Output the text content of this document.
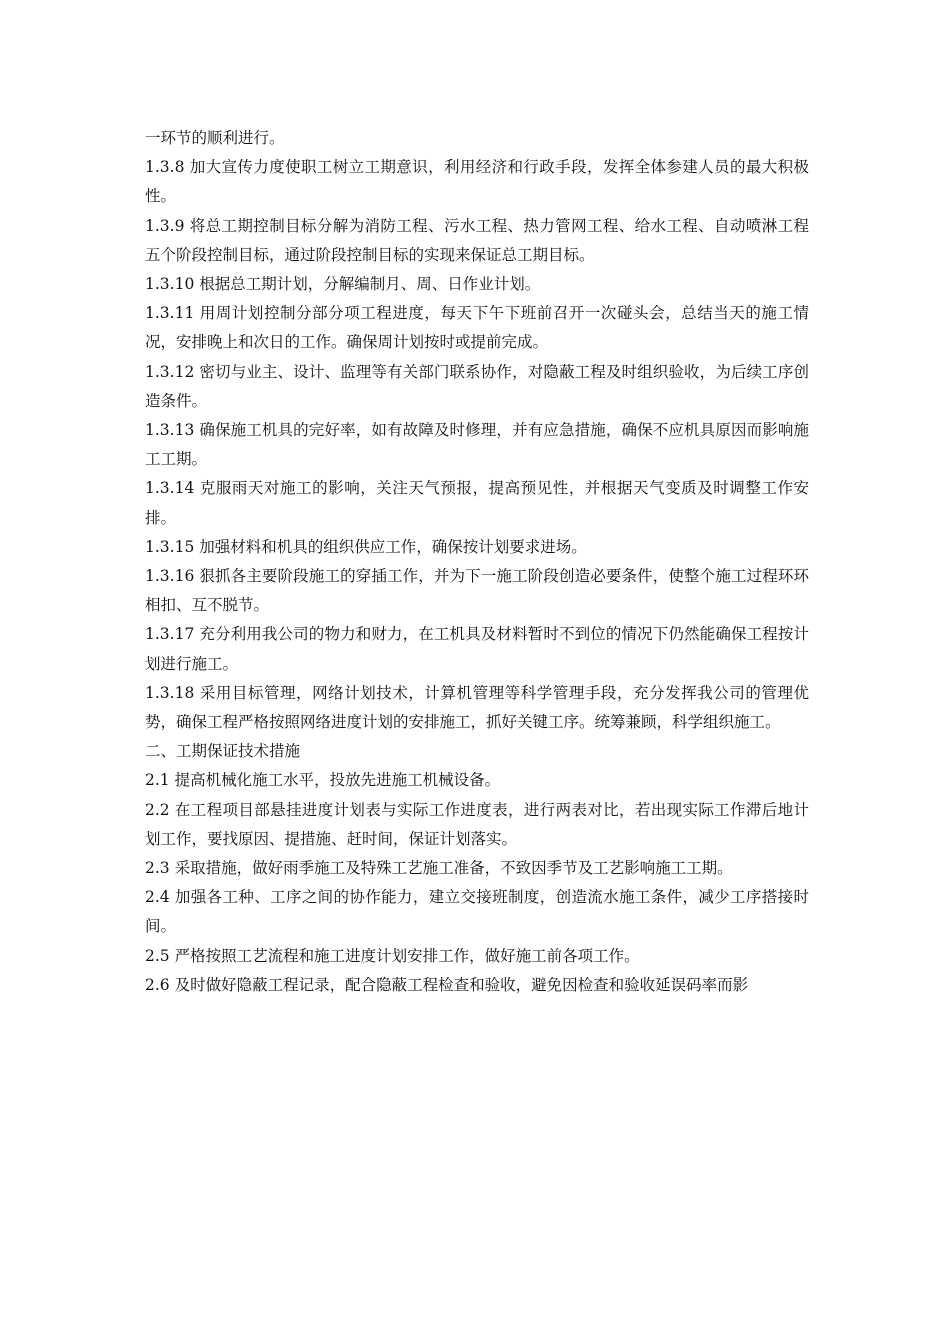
一环节的顺利进行。

1.3.8 加大宣传力度使职工树立工期意识，利用经济和行政手段，发挥全体参建人员的最大积极性。

1.3.9 将总工期控制目标分解为消防工程、污水工程、热力管网工程、给水工程、自动喷淋工程五个阶段控制目标，通过阶段控制目标的实现来保证总工期目标。

1.3.10 根据总工期计划，分解编制月、周、日作业计划。

1.3.11 用周计划控制分部分项工程进度，每天下午下班前召开一次碰头会，总结当天的施工情况，安排晚上和次日的工作。确保周计划按时或提前完成。

1.3.12 密切与业主、设计、监理等有关部门联系协作，对隐蔽工程及时组织验收，为后续工序创造条件。

1.3.13 确保施工机具的完好率，如有故障及时修理，并有应急措施，确保不应机具原因而影响施工工期。

1.3.14 克服雨天对施工的影响，关注天气预报，提高预见性，并根据天气变质及时调整工作安排。

1.3.15 加强材料和机具的组织供应工作，确保按计划要求进场。

1.3.16 狠抓各主要阶段施工的穿插工作，并为下一施工阶段创造必要条件，使整个施工过程环环相扣、互不脱节。

1.3.17 充分利用我公司的物力和财力，在工机具及材料暂时不到位的情况下仍然能确保工程按计划进行施工。

1.3.18 采用目标管理，网络计划技术，计算机管理等科学管理手段，充分发挥我公司的管理优势，确保工程严格按照网络进度计划的安排施工，抓好关键工序。统筹兼顾，科学组织施工。

二、工期保证技术措施

2.1 提高机械化施工水平，投放先进施工机械设备。

2.2 在工程项目部悬挂进度计划表与实际工作进度表，进行两表对比，若出现实际工作滞后地计划工作，要找原因、提措施、赶时间，保证计划落实。

2.3 采取措施，做好雨季施工及特殊工艺施工准备，不致因季节及工艺影响施工工期。

2.4 加强各工种、工序之间的协作能力，建立交接班制度，创造流水施工条件，减少工序搭接时间。

2.5 严格按照工艺流程和施工进度计划安排工作，做好施工前各项工作。

2.6 及时做好隐蔽工程记录，配合隐蔽工程检查和验收，避免因检查和验收延误码率而影
